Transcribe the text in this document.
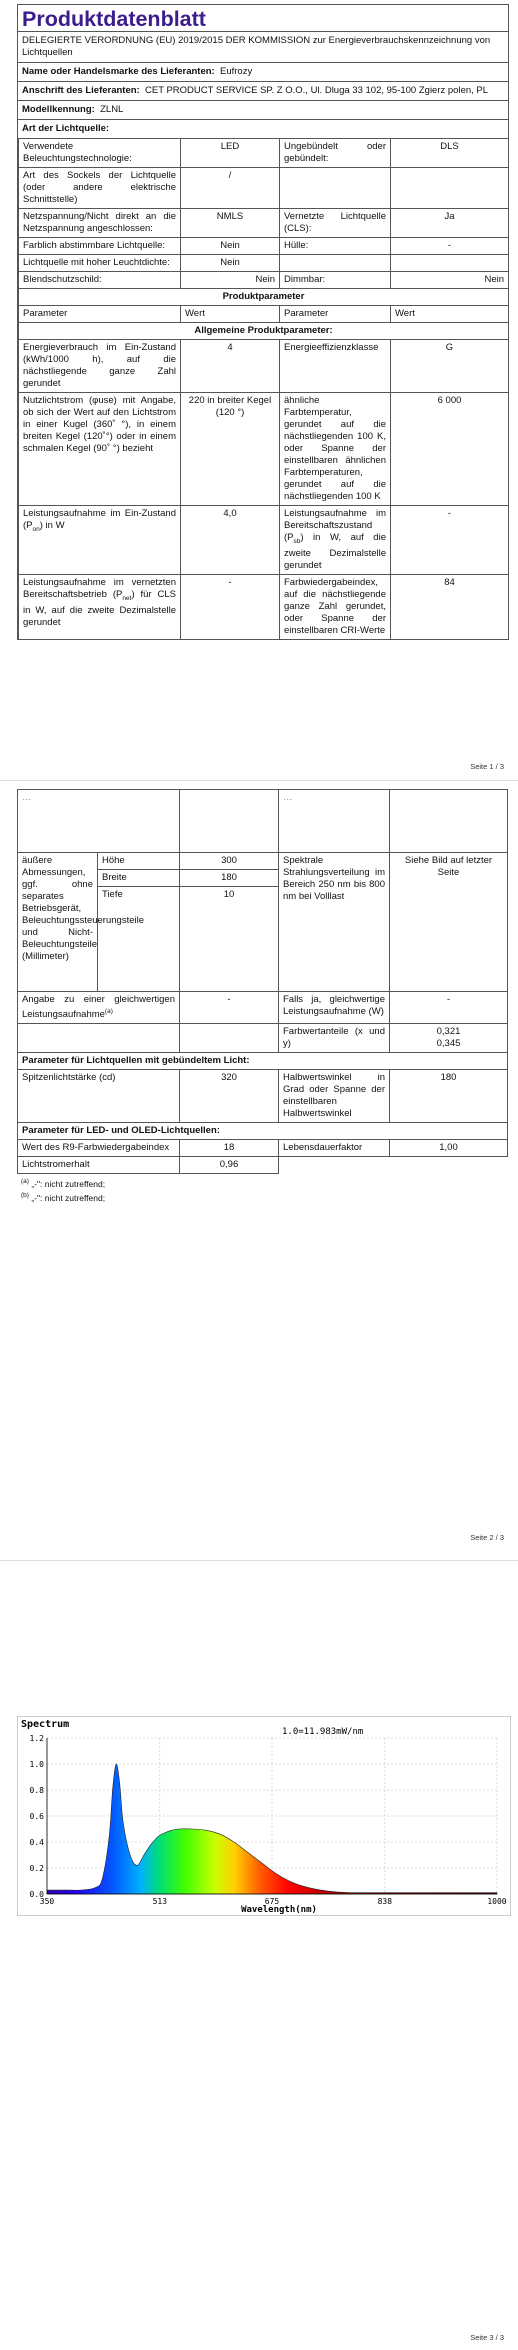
Produktdatenblatt
DELEGIERTE VERORDNUNG (EU) 2019/2015 DER KOMMISSION zur Energieverbrauchskennzeichnung von Lichtquellen
Name oder Handelsmarke des Lieferanten: Eufrozy
Anschrift des Lieferanten: CET PRODUCT SERVICE SP. Z O.O., Ul. Dluga 33 102, 95-100 Zgierz polen, PL
Modellkennung: ZLNL
Art der Lichtquelle:
Verwendete Beleuchtungstechnologie:	LED	Ungebündelt oder gebündelt:	DLS
Art des Sockels der Lichtquelle (oder andere elektrische Schnittstelle)	/		
Netzspannung/Nicht direkt an die Netzspannung angeschlossen:	NMLS	Vernetzte Lichtquelle (CLS):	Ja
Farblich abstimmbare Lichtquelle:	Nein	Hülle:	-
Lichtquelle mit hoher Leuchtdichte:	Nein		
Blendschutzschild:	Nein	Dimmbar:	Nein
Produktparameter			
Parameter	Wert	Parameter	Wert
Allgemeine Produktparameter:			
Energieverbrauch im Ein-Zustand (kWh/1000 h), auf die nächstliegende ganze Zahl gerundet	4	Energieeffizienzklasse	G
Nutzlichtstrom (φuse) mit Angabe, ob sich der Wert auf den Lichtstrom in einer Kugel (360˚ °), in einem breiten Kegel (120˚°) oder in einem schmalen Kegel (90˚ °) bezieht	220 in breiter Kegel (120 °)	ähnliche Farbtemperatur, gerundet auf die nächstliegenden 100 K, oder Spanne der einstellbaren ähnlichen Farbtemperaturen, gerundet auf die nächstliegenden 100 K	6 000
Leistungsaufnahme im Ein-Zustand $(P_{on})$ in W	4,0	Leistungsaufnahme im Bereitschaftszustand $(P_{sb})$ in W, auf die zweite Dezimalstelle gerundet	-
Leistungsaufnahme im vernetzten Bereitschaftsbetrieb $(P_{net})$ für CLS in W, auf die zweite Dezimalstelle gerundet	-	Farbwiedergabeindex, auf die nächstliegende ganze Zahl gerundet, oder Spanne der einstellbaren CRI-Werte	84
Seite 1 / 3
…			…	
äußere Abmessungen, ggf. ohne separates Betriebsgerät, Beleuchtungssteuerungsteile und Nicht-Beleuchtungsteile (Millimeter)	Höhe	300	Spektrale Strahlungsverteilung im Bereich 250 nm bis 800 nm bei Volllast	Siehe Bild auf letzter Seite
	Breite	180		
	Tiefe	10		
Angabe zu einer gleichwertigen Leistungsaufnahme$^{(a)}$		-	Falls ja, gleichwertige Leistungsaufnahme (W)	-
			Farbwertanteile (x und y)	0,321
0,345

Parameter für Lichtquellen mit gebündeltem Licht:				
Spitzenlichtstärke (cd)		320	Halbwertswinkel in Grad oder Spanne der einstellbaren Halbwertswinkel	180
Parameter für LED- und OLED-Lichtquellen:				
Wert des R9-Farbwiedergabeindex		18	Lebensdauerfaktor	1,00
Lichtstromerhalt		0,96		
$^{(a)}$ „-": nicht zutreffend;
$^{(b)}$ „-": nicht zutreffend;
Seite 2 / 3
0.0
0.2
0.4
0.6
0.8
1.0
1.2
350	513	675	838	1000
Spectrum
1.0=11.983mW/nm
Wavelength(nm)
Seite 3 / 3
